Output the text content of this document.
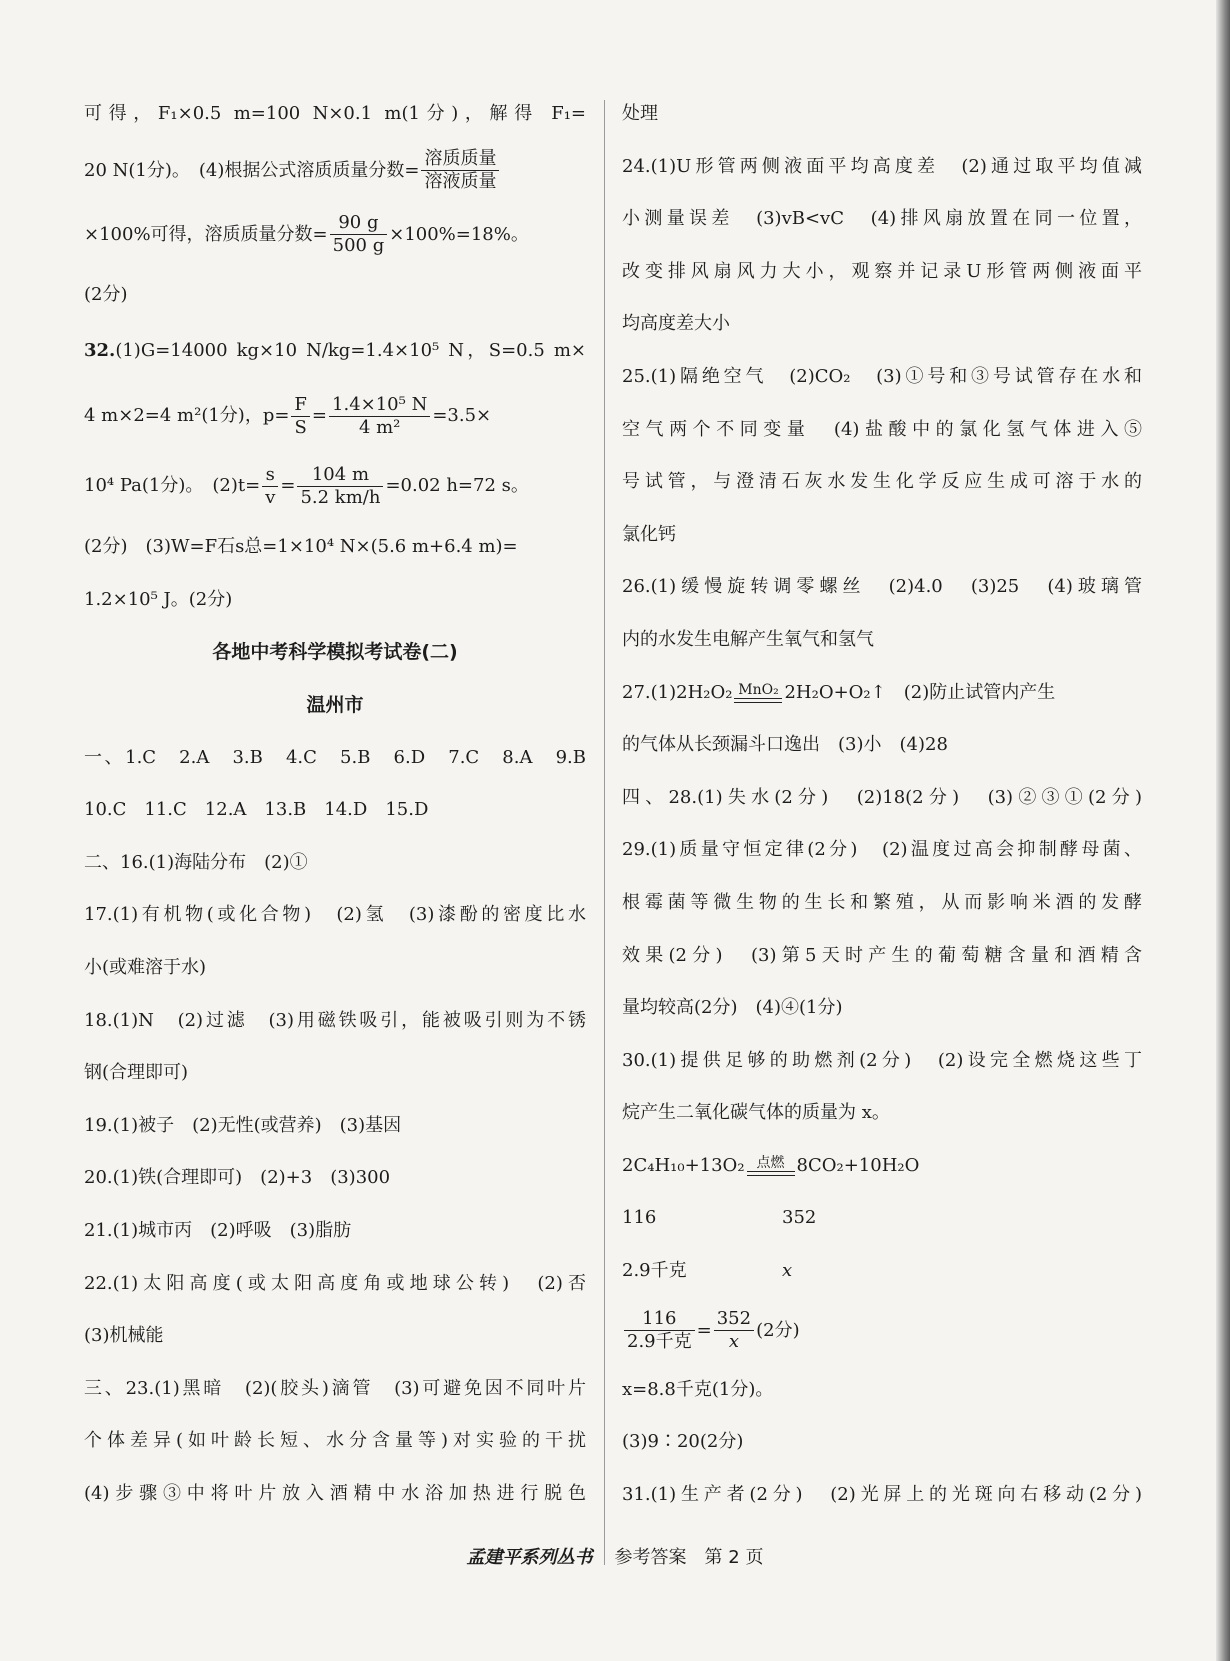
可得，F₁×0.5 m=100 N×0.1 m(1分)，解得 F₁=
20 N(1分)。　(4)根据公式溶质质量分数= $\frac{\text{溶质质量}}{\text{溶液质量}}$
×100%可得，溶质质量分数= $\frac{90 g}{500 g} \times 100\%=18\%$。
(2分)
32.(1)G=14000 kg×10 N/kg=1.4×10⁵ N，S=0.5 m×
4 m×2=4 m²(1分)，$p= \frac{F}{S} = \frac{\text{1.4×10⁵ N}}{\text{4 m²}} =3.5\times$
10⁴ Pa(1分)。　$(2)t= \frac{s}{v} = \frac{104 m}{5.2 km/h} =0.02$ h=72 s。
(2分)　(3)W=F石s总=1×10⁴ N×(5.6 m+6.4 m)=
1.2×10⁵ J。(2分)
各地中考科学模拟考试卷(二)
温州市
一、1.C　2.A　3.B　4.C　5.B　6.D　7.C　8.A　9.B
10.C　11.C　12.A　13.B　14.D　15.D
二、16.(1)海陆分布　(2)①
17.(1)有机物(或化合物)　(2)氢　(3)漆酚的密度比水
小(或难溶于水)
18.(1)N　(2)过滤　(3)用磁铁吸引，能被吸引则为不锈
钢(合理即可)
19.(1)被子　(2)无性(或营养)　(3)基因
20.(1)铁(合理即可)　(2)+3　(3)300
21.(1)城市丙　(2)呼吸　(3)脂肪
22.(1)太阳高度(或太阳高度角或地球公转)　(2)否
(3)机械能
三、23.(1)黑暗　(2)(胶头)滴管　(3)可避免因不同叶片
个体差异(如叶龄长短、水分含量等)对实验的干扰
(4)步骤③中将叶片放入酒精中水浴加热进行脱色
处理
24.(1)U形管两侧液面平均高度差　(2)通过取平均值减
小测量误差　(3)vB<vC　(4)排风扇放置在同一位置，
改变排风扇风力大小，观察并记录U形管两侧液面平
均高度差大小
25.(1)隔绝空气　(2)CO₂　(3)①号和③号试管存在水和
空气两个不同变量　(4)盐酸中的氯化氢气体进入⑤
号试管，与澄清石灰水发生化学反应生成可溶于水的
氯化钙
26.(1)缓慢旋转调零螺丝　(2)4.0　(3)25　(4)玻璃管
内的水发生电解产生氧气和氢气
27.(1)2H₂O₂ MnO₂ 2H₂O+O₂↑　(2)防止试管内产生
的气体从长颈漏斗口逸出　(3)小　(4)28
四、28.(1)失水(2分)　(2)18(2分)　(3)②③①(2分)
29.(1)质量守恒定律(2分)　(2)温度过高会抑制酵母菌、
根霉菌等微生物的生长和繁殖，从而影响米酒的发酵
效果(2分)　(3)第5天时产生的葡萄糖含量和酒精含
量均较高(2分)　(4)④(1分)
30.(1)提供足够的助燃剂(2分)　(2)设完全燃烧这些丁
烷产生二氧化碳气体的质量为 x。
2C₄H₁₀+13O₂ 点燃 8CO₂+10H₂O
116	352
2.9千克	x
$\frac{116}{\text{2.9千克}} = \frac{352}{x} (2$分)
x=8.8千克(1分)。
(3)9∶20(2分)
31.(1)生产者(2分)　(2)光屏上的光斑向右移动(2分)
孟建平系列丛书 参考答案　第 2 页
